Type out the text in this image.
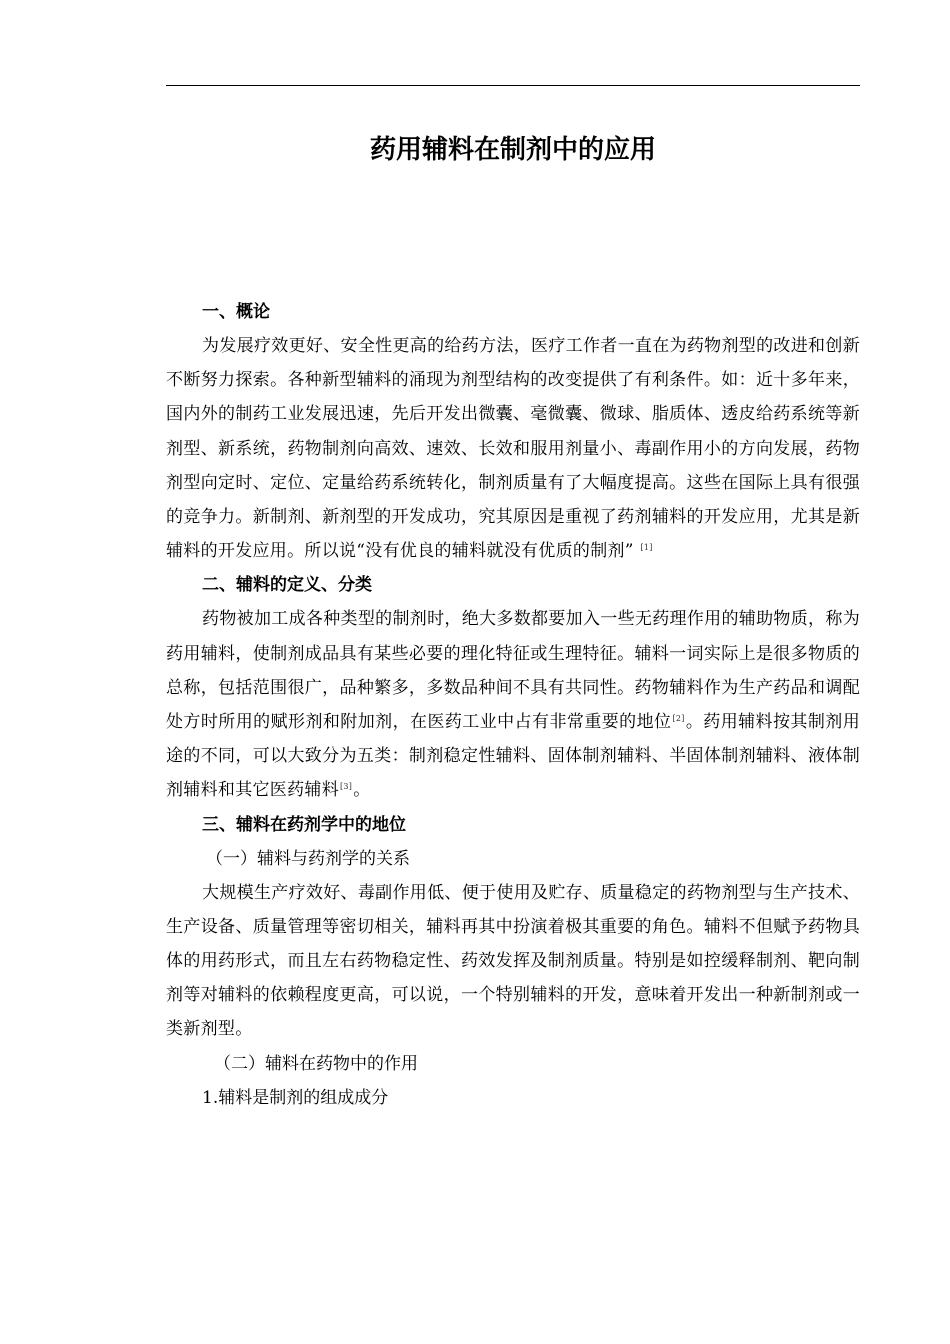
药用辅料在制剂中的应用

一、概论

为发展疗效更好、安全性更高的给药方法，医疗工作者一直在为药物剂型的改进和创新不断努力探索。各种新型辅料的涌现为剂型结构的改变提供了有利条件。如：近十多年来，国内外的制药工业发展迅速，先后开发出微囊、毫微囊、微球、脂质体、透皮给药系统等新剂型、新系统，药物制剂向高效、速效、长效和服用剂量小、毒副作用小的方向发展，药物剂型向定时、定位、定量给药系统转化，制剂质量有了大幅度提高。这些在国际上具有很强的竞争力。新制剂、新剂型的开发成功，究其原因是重视了药剂辅料的开发应用，尤其是新辅料的开发应用。所以说“没有优良的辅料就没有优质的制剂” [1]

二、辅料的定义、分类

药物被加工成各种类型的制剂时，绝大多数都要加入一些无药理作用的辅助物质，称为药用辅料，使制剂成品具有某些必要的理化特征或生理特征。辅料一词实际上是很多物质的总称，包括范围很广，品种繁多，多数品种间不具有共同性。药物辅料作为生产药品和调配处方时所用的赋形剂和附加剂，在医药工业中占有非常重要的地位[2]。药用辅料按其制剂用途的不同，可以大致分为五类：制剂稳定性辅料、固体制剂辅料、半固体制剂辅料、液体制剂辅料和其它医药辅料[3]。

三、辅料在药剂学中的地位

（一）辅料与药剂学的关系

大规模生产疗效好、毒副作用低、便于使用及贮存、质量稳定的药物剂型与生产技术、生产设备、质量管理等密切相关，辅料再其中扮演着极其重要的角色。辅料不但赋予药物具体的用药形式，而且左右药物稳定性、药效发挥及制剂质量。特别是如控缓释制剂、靶向制剂等对辅料的依赖程度更高，可以说，一个特别辅料的开发，意味着开发出一种新制剂或一类新剂型。

（二）辅料在药物中的作用

1.辅料是制剂的组成成分
